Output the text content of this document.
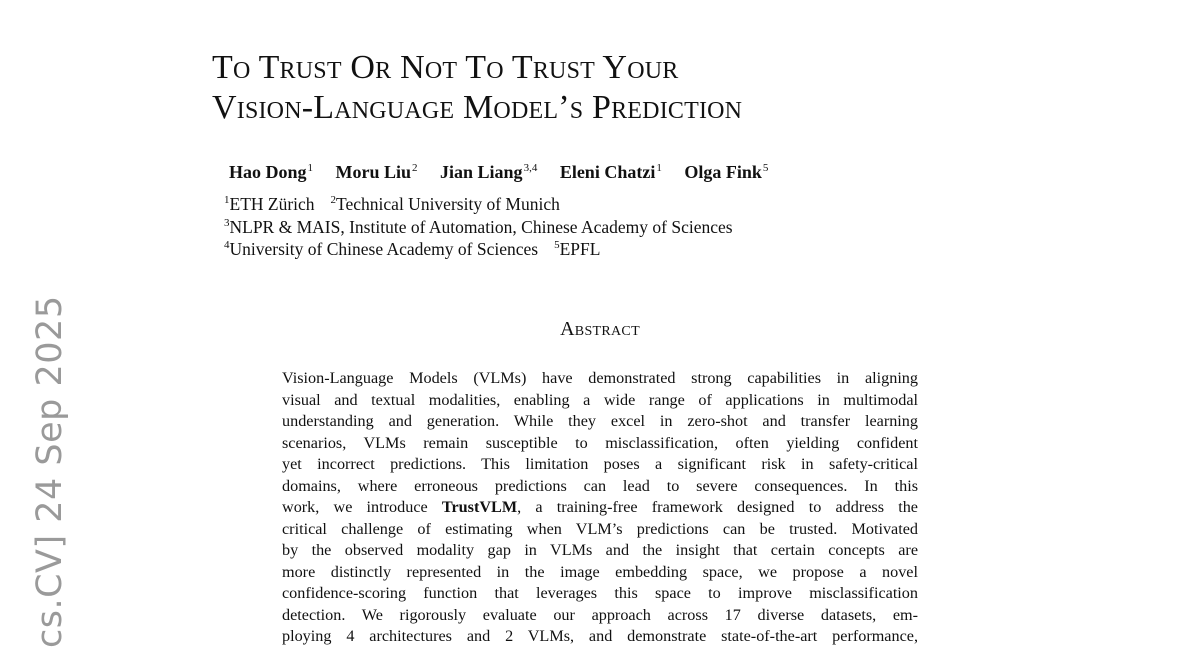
cs.CV] 24 Sep 2025
To Trust Or Not To Trust Your
Vision-Language Model’s Prediction
Hao Dong$^1$ Moru Liu$^2$ Jian Liang$^{3,4}$ Eleni Chatzi$^1$ Olga Fink$^5$
$^1$ETH Zürich $^2$Technical University of Munich
$^3$NLPR & MAIS, Institute of Automation, Chinese Academy of Sciences
$^4$University of Chinese Academy of Sciences $^5$EPFL
Abstract
Vision-Language Models (VLMs) have demonstrated strong capabilities in aligning
visual and textual modalities, enabling a wide range of applications in multimodal
understanding and generation. While they excel in zero-shot and transfer learning
scenarios, VLMs remain susceptible to misclassification, often yielding confident
yet incorrect predictions. This limitation poses a significant risk in safety-critical
domains, where erroneous predictions can lead to severe consequences. In this
work, we introduce TrustVLM, a training-free framework designed to address the
critical challenge of estimating when VLM’s predictions can be trusted. Motivated
by the observed modality gap in VLMs and the insight that certain concepts are
more distinctly represented in the image embedding space, we propose a novel
confidence-scoring function that leverages this space to improve misclassification
detection. We rigorously evaluate our approach across 17 diverse datasets, em-
ploying 4 architectures and 2 VLMs, and demonstrate state-of-the-art performance,
